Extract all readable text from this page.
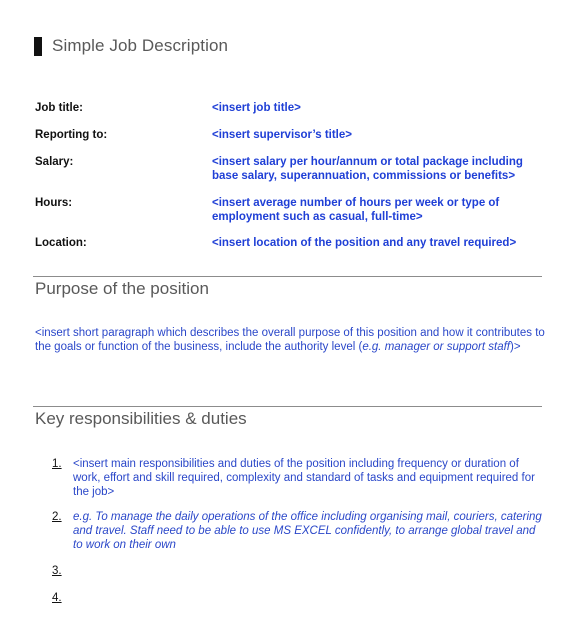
Simple Job Description
Job title:	<insert job title>
Reporting to:	<insert supervisor’s title>
Salary:	<insert salary per hour/annum or total package including base salary, superannuation, commissions or benefits>
Hours:	<insert average number of hours per week or type of employment such as casual, full-time>
Location:	<insert location of the position and any travel required>
Purpose of the position
<insert short paragraph which describes the overall purpose of this position and how it contributes to the goals or function of the business, include the authority level (e.g. manager or support staff)>
Key responsibilities & duties
1. <insert main responsibilities and duties of the position including frequency or duration of work, effort and skill required, complexity and standard of tasks and equipment required for the job>
2. e.g. To manage the daily operations of the office including organising mail, couriers, catering and travel. Staff need to be able to use MS EXCEL confidently, to arrange global travel and to work on their own
3.
4.
